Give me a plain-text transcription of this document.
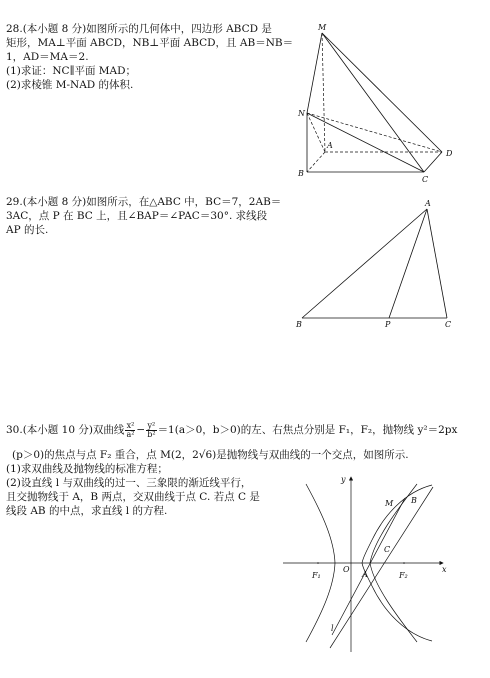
28.(本小题 8 分)如图所示的几何体中，四边形 ABCD 是
矩形，MA⊥平面 ABCD，NB⊥平面 ABCD，且 AB＝NB＝
1，AD＝MA＝2.
(1)求证：NC∥平面 MAD；
(2)求棱锥 M-NAD 的体积.
M
N
A
B
C
D
29.(本小题 8 分)如图所示，在△ABC 中，BC＝7，2AB＝
3AC，点 P 在 BC 上，且∠BAP＝∠PAC＝30°. 求线段
AP 的长.
A
B	P	C
30.(本小题 10 分)双曲线 $\frac{\text{x²}}{\text{a²}} - \frac{\text{y²}}{\text{b²}} =1(a>0$，b＞0)的左、右焦点分别是 F₁，F₂，抛物线 y²＝2px
(p＞0)的焦点与点 F₂ 重合，点 M(2，2√6)是抛物线与双曲线的一个交点，如图所示.
(1)求双曲线及抛物线的标准方程；
(2)设直线 l 与双曲线的过一、三象限的渐近线平行，
且交抛物线于 A，B 两点，交双曲线于点 C. 若点 C 是
线段 AB 的中点，求直线 l 的方程.
y
x
M B
C
O
A
F₁	F₂
l
